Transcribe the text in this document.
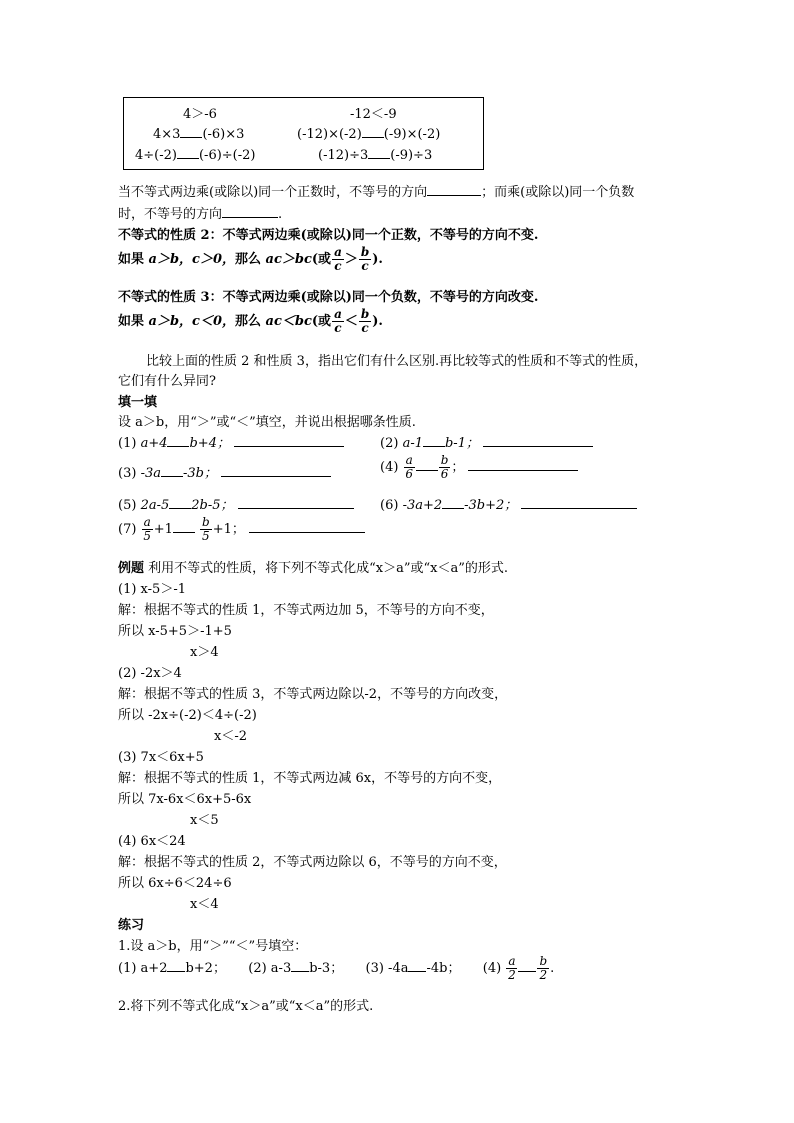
4＞-6	-12＜-9
4×3 (-6)×3	(-12)×(-2) (-9)×(-2)
4÷(-2) (-6)÷(-2)	(-12)÷3 (-9)÷3
当不等式两边乘(或除以)同一个正数时，不等号的方向	；而乘(或除以)同一个负数
时，不等号的方向	.
不等式的性质 2：不等式两边乘(或除以)同一个正数，不等号的方向不变.
如果 a＞b，c＞0，那么 ac＞bc(或 $\frac{a}{c} > \frac{b}{c}$ ).
不等式的性质 3：不等式两边乘(或除以)同一个负数，不等号的方向改变.
如果 a＞b，c＜0，那么 ac＜bc(或 $\frac{a}{c} < \frac{b}{c}$ ).
比较上面的性质 2 和性质 3，指出它们有什么区别.再比较等式的性质和不等式的性质，
它们有什么异同?
填一填
设 a＞b，用“＞”或“＜”填空，并说出根据哪条性质.
(1) a+4 b+4；	(2) a-1 b-1；
(3) -3a -3b；	$(4) \frac{a}{6} \frac{b}{6}$ ；
(5) 2a-5 2b-5；	(6) -3a+2 -3b+2；
$(7) \frac{a}{5} +1 \frac{b}{5} +1$；
例题 利用不等式的性质，将下列不等式化成“x＞a”或“x＜a”的形式.
(1) x-5＞-1
解：根据不等式的性质 1，不等式两边加 5，不等号的方向不变，
所以 x-5+5＞-1+5
x＞4
(2) -2x＞4
解：根据不等式的性质 3，不等式两边除以-2，不等号的方向改变，
所以 -2x÷(-2)＜4÷(-2)
x＜-2
(3) 7x＜6x+5
解：根据不等式的性质 1，不等式两边减 6x，不等号的方向不变，
所以 7x-6x＜6x+5-6x
x＜5
(4) 6x＜24
解：根据不等式的性质 2，不等式两边除以 6，不等号的方向不变，
所以 6x÷6＜24÷6
x＜4
练习
1.设 a＞b，用“＞”“＜”号填空：
(1) a+2 b+2； (2) a-3 b-3； (3) -4a -4b； $(4) \frac{a}{2} \frac{b}{2}$ .
2.将下列不等式化成“x＞a”或“x＜a”的形式.
